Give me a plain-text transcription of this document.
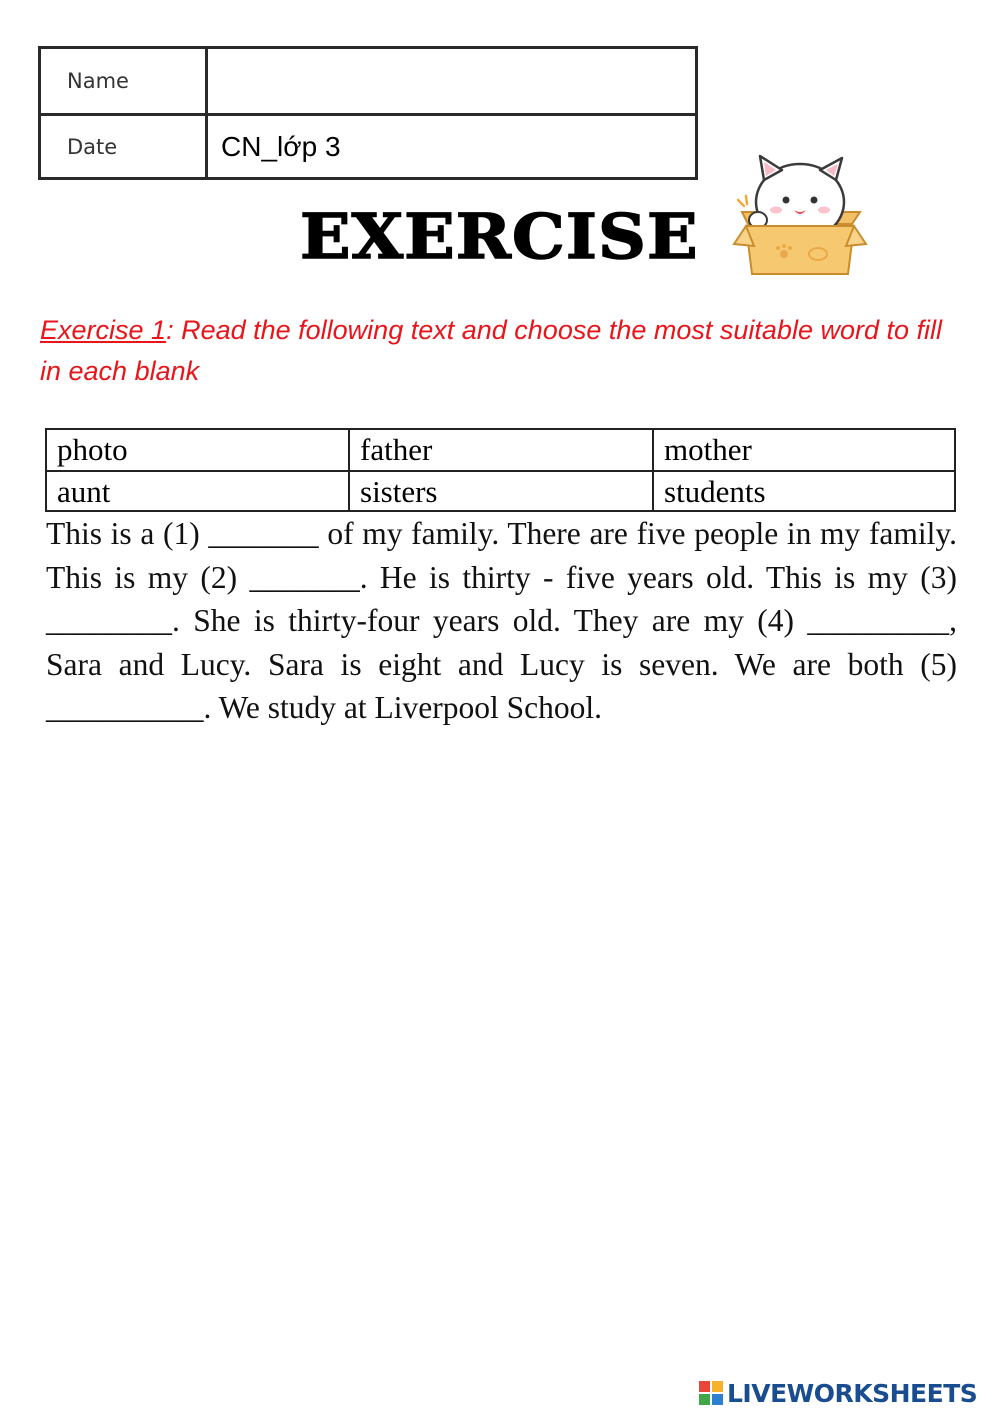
Name
Date	CN_lớp 3
EXERCISE
Exercise 1: Read the following text and choose the most suitable word to fill in each blank
photo	father	mother
aunt	sisters	students
This is a (1) _______ of my family. There are five people in my family. This is my (2) _______. He is thirty - five years old. This is my (3) ________. She is thirty-four years old. They are my (4) _________, Sara and Lucy. Sara is eight and Lucy is seven. We are both (5) __________. We study at Liverpool School.
LIVEWORKSHEETS
